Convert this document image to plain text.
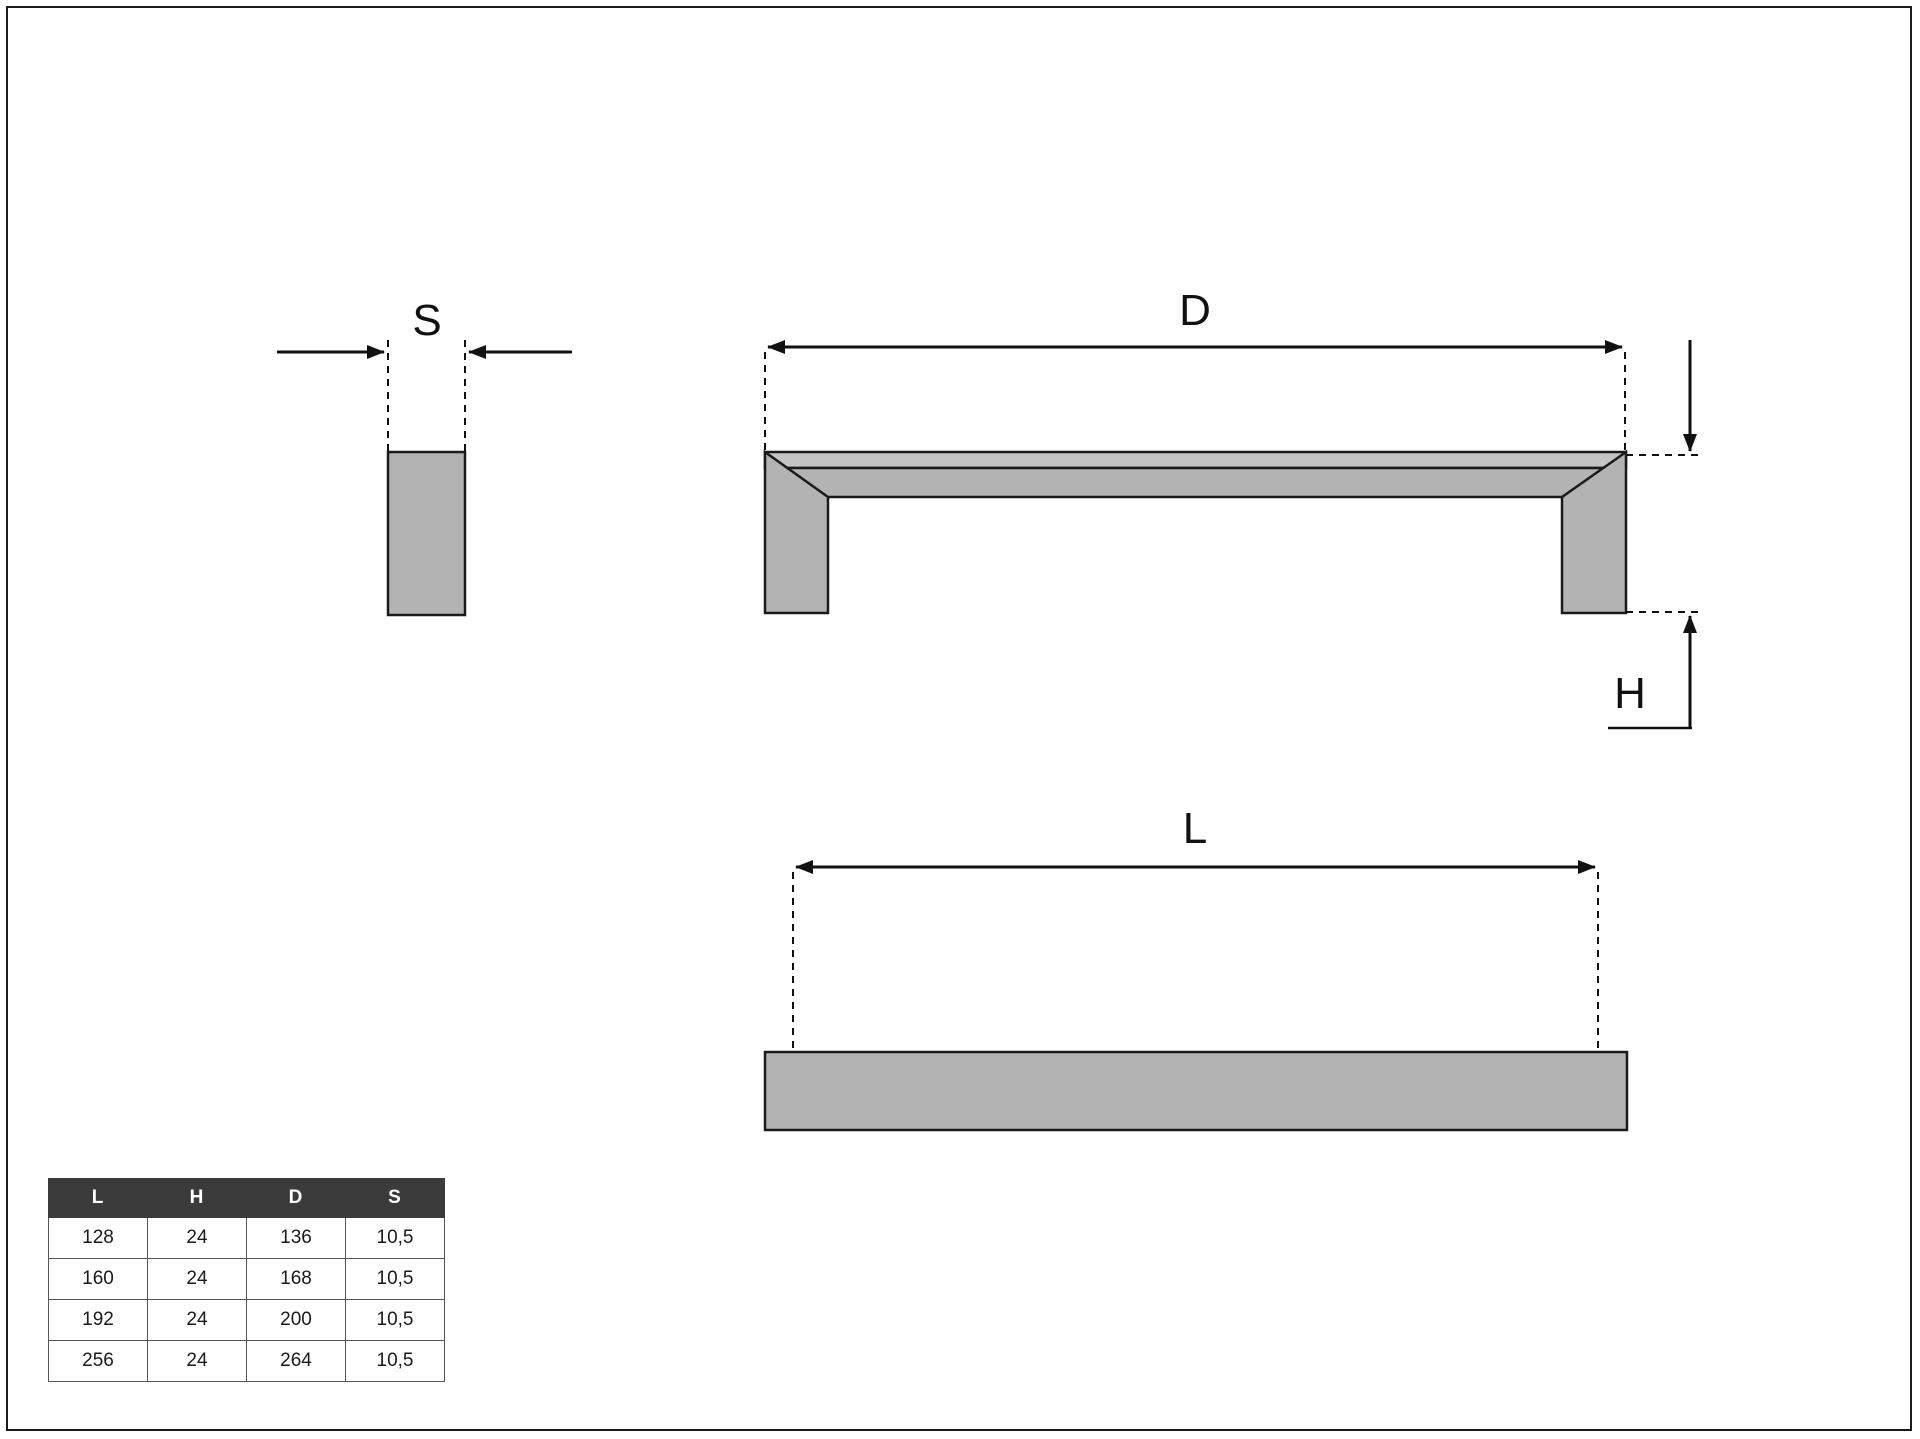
S	D
H
L
L	H	D	S
128	24	136	10,5
160	24	168	10,5
192	24	200	10,5
256	24	264	10,5
